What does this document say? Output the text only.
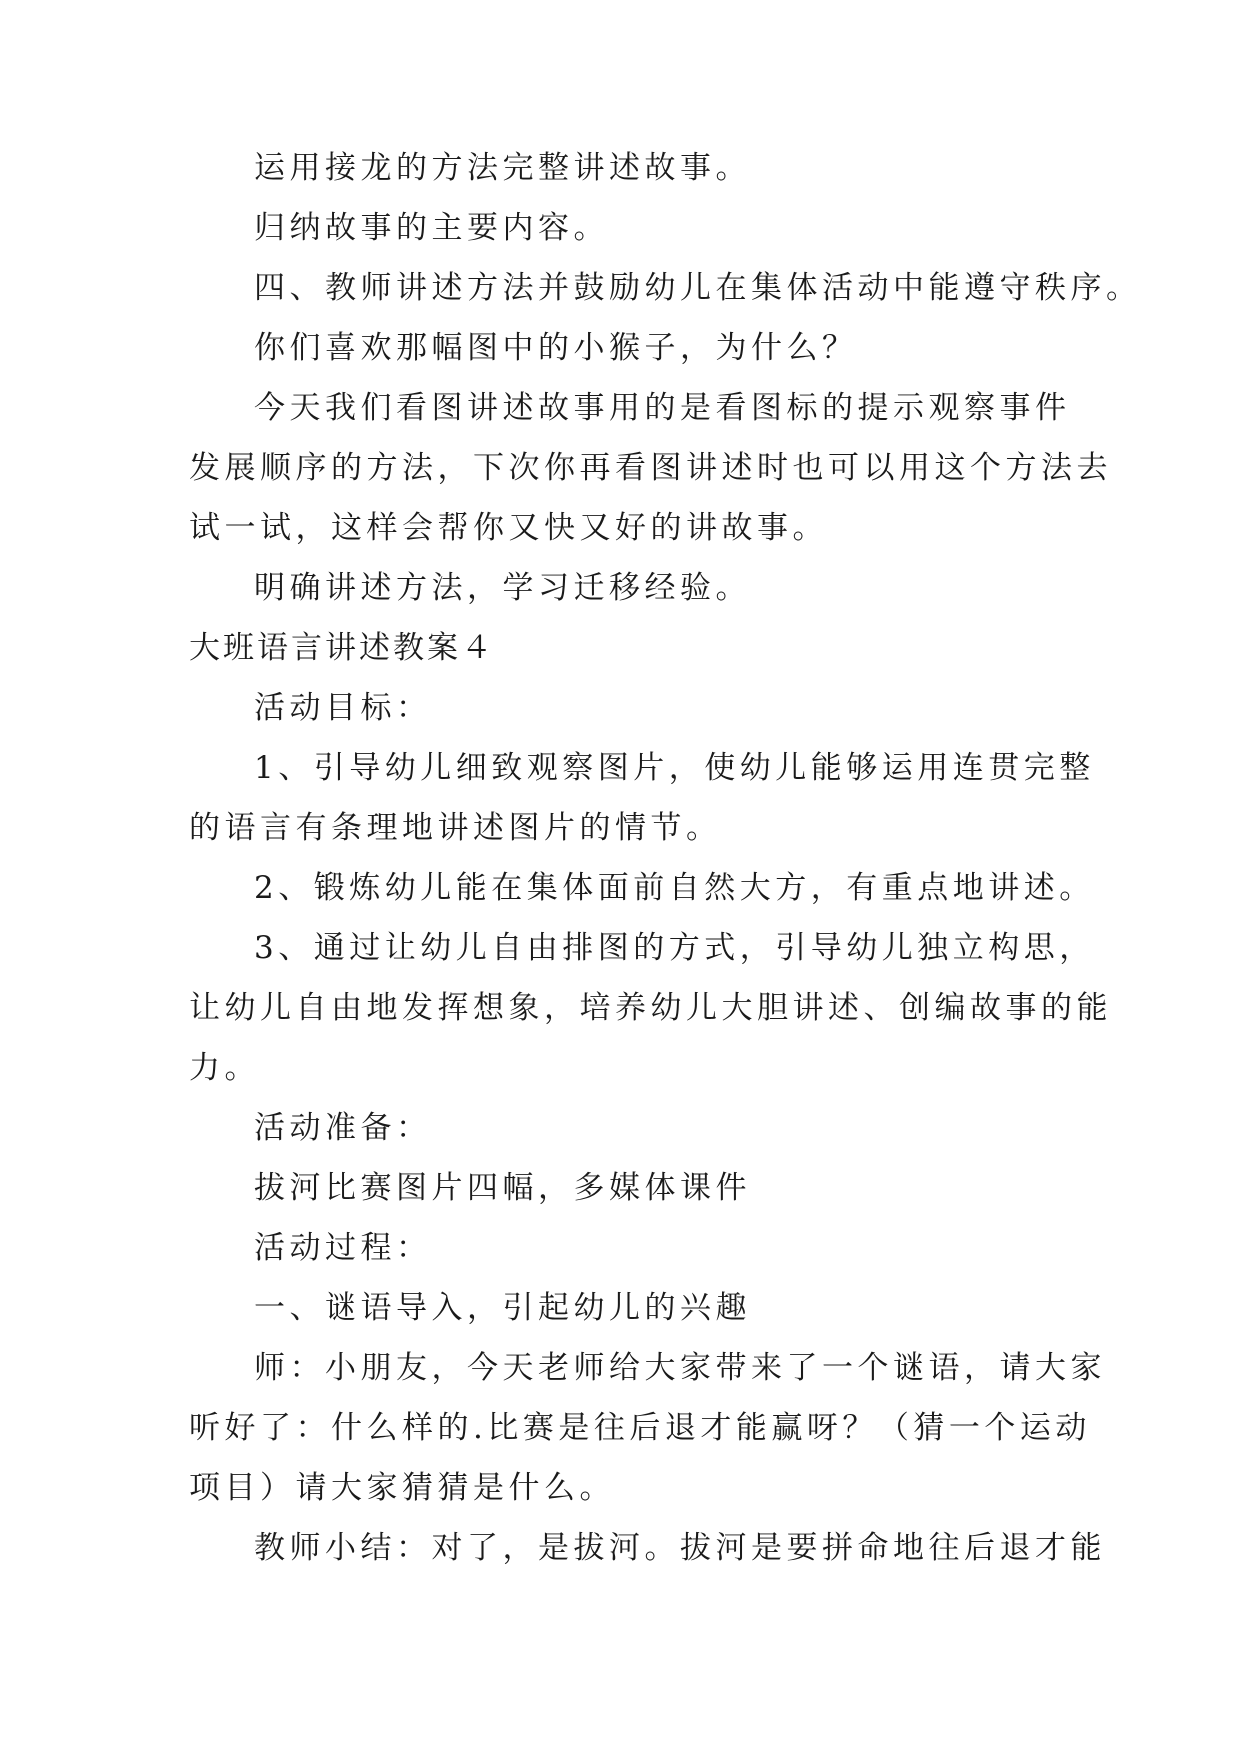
运用接龙的方法完整讲述故事。
归纳故事的主要内容。
四、教师讲述方法并鼓励幼儿在集体活动中能遵守秩序。
你们喜欢那幅图中的小猴子，为什么？
今天我们看图讲述故事用的是看图标的提示观察事件
发展顺序的方法，下次你再看图讲述时也可以用这个方法去
试一试，这样会帮你又快又好的讲故事。
明确讲述方法，学习迁移经验。
大班语言讲述教案４
活动目标：
1、引导幼儿细致观察图片，使幼儿能够运用连贯完整
的语言有条理地讲述图片的情节。
2、锻炼幼儿能在集体面前自然大方，有重点地讲述。
3、通过让幼儿自由排图的方式，引导幼儿独立构思，
让幼儿自由地发挥想象，培养幼儿大胆讲述、创编故事的能
力。
活动准备：
拔河比赛图片四幅，多媒体课件
活动过程：
一、谜语导入，引起幼儿的兴趣
师：小朋友，今天老师给大家带来了一个谜语，请大家
听好了：什么样的.比赛是往后退才能赢呀？（猜一个运动
项目）请大家猜猜是什么。
教师小结：对了，是拔河。拔河是要拼命地往后退才能
